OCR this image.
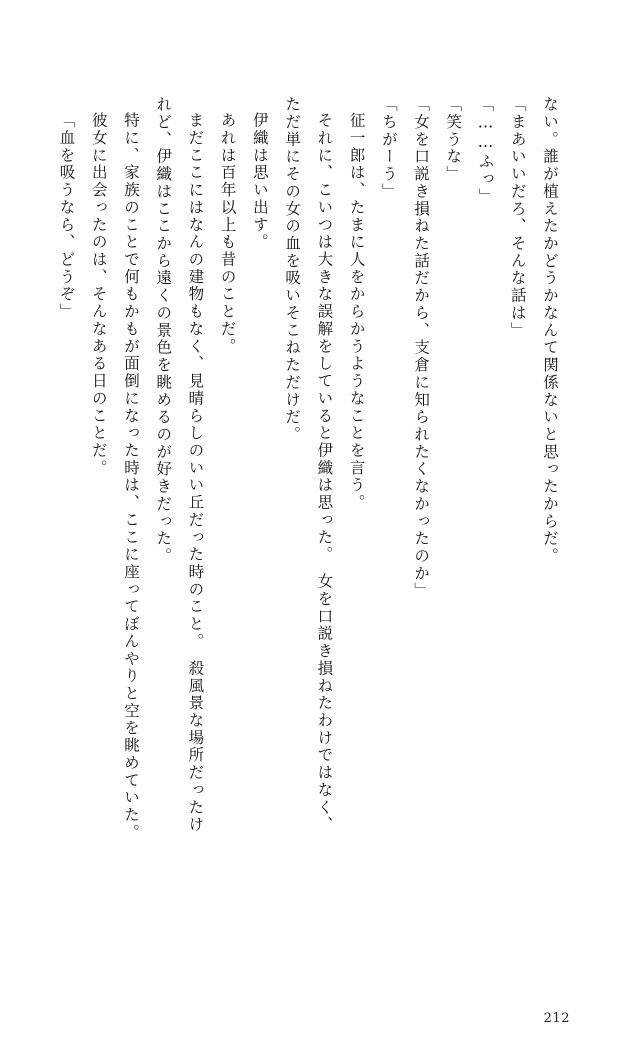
ない。誰が植えたかどうかなんて関係ないと思ったからだ。

「まあいいだろ、そんな話は」

「……ふっ」

「笑うな」

「女を口説き損ねた話だから、支倉に知られたくなかったのか」

「ちがーう」

征一郎は、たまに人をからかうようなことを言う。

それに、こいつは大きな誤解をしていると伊織は思った。　女を口説き損ねたわけではなく、

ただ単にその女の血を吸いそこねただけだ。

伊織は思い出す。

あれは百年以上も昔のことだ。

まだここにはなんの建物もなく、見晴らしのいい丘だった時のこと。　殺風景な場所だったけ

れど、伊織はここから遠くの景色を眺めるのが好きだった。

特に、家族のことで何もかもが面倒になった時は、ここに座ってぼんやりと空を眺めていた。

彼女に出会ったのは、そんなある日のことだ。

「血を吸うなら、どうぞ」

212
